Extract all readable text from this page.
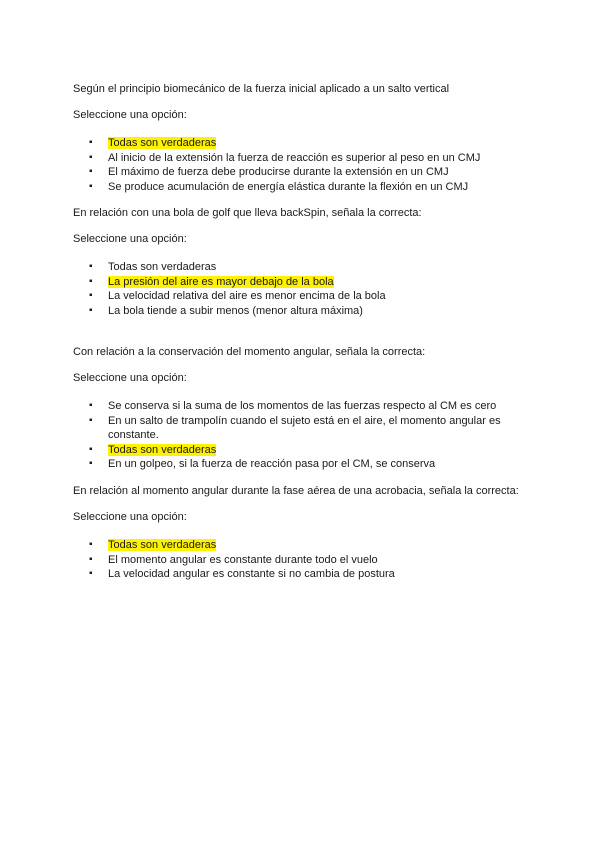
Según el principio biomecánico de la fuerza inicial aplicado a un salto vertical

Seleccione una opción:

▪ Todas son verdaderas
▪ Al inicio de la extensión la fuerza de reacción es superior al peso en un CMJ
▪ El máximo de fuerza debe producirse durante la extensión en un CMJ
▪ Se produce acumulación de energía elástica durante la flexión en un CMJ

En relación con una bola de golf que lleva backSpin, señala la correcta:

Seleccione una opción:

▪ Todas son verdaderas
▪ La presión del aire es mayor debajo de la bola
▪ La velocidad relativa del aire es menor encima de la bola
▪ La bola tiende a subir menos (menor altura máxima)

Con relación a la conservación del momento angular, señala la correcta:

Seleccione una opción:

▪ Se conserva si la suma de los momentos de las fuerzas respecto al CM es cero
▪ En un salto de trampolín cuando el sujeto está en el aire, el momento angular es constante.
▪ Todas son verdaderas
▪ En un golpeo, si la fuerza de reacción pasa por el CM, se conserva

En relación al momento angular durante la fase aérea de una acrobacia, señala la correcta:

Seleccione una opción:

▪ Todas son verdaderas
▪ El momento angular es constante durante todo el vuelo
▪ La velocidad angular es constante si no cambia de postura
